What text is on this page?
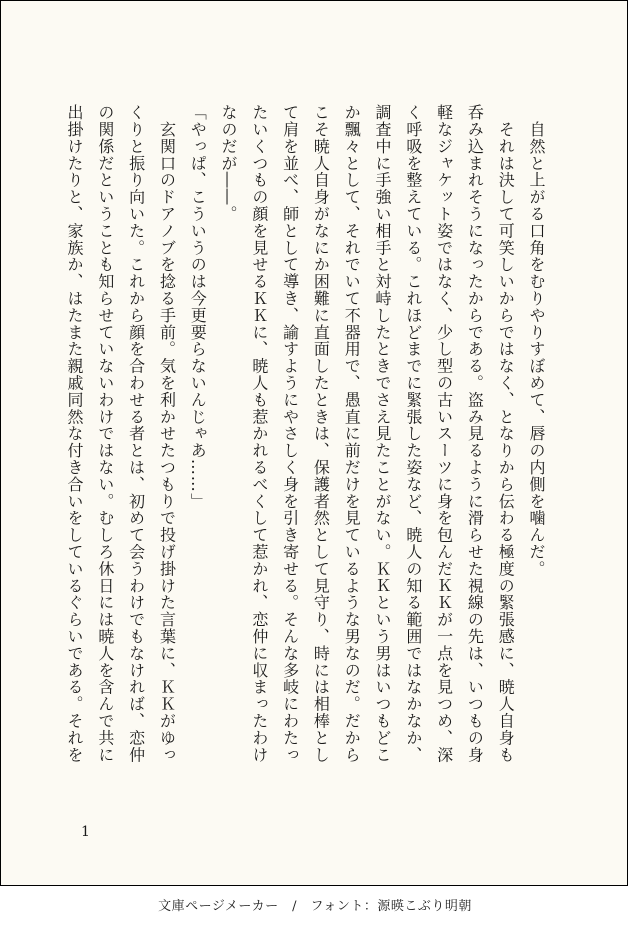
　自然と上がる口角をむりやりすぼめて、唇の内側を噛んだ。
　それは決して可笑しいからではなく、となりから伝わる極度の緊張感に、暁人自身も
呑み込まれそうになったからである。盗み見るように滑らせた視線の先は、いつもの身
軽なジャケット姿ではなく、少し型の古いスーツに身を包んだＫＫが一点を見つめ、深
く呼吸を整えている。これほどまでに緊張した姿など、暁人の知る範囲ではなかなか、
調査中に手強い相手と対峙したときでさえ見たことがない。ＫＫという男はいつもどこ
か飄々として、それでいて不器用で、愚直に前だけを見ているような男なのだ。だから
こそ暁人自身がなにか困難に直面したときは、保護者然として見守り、時には相棒とし
て肩を並べ、師として導き、諭すようにやさしく身を引き寄せる。そんな多岐にわたっ
たいくつもの顔を見せるＫＫに、暁人も惹かれるべくして惹かれ、恋仲に収まったわけ
なのだが――。
「やっぱ、こういうのは今更要らないんじゃあ……」
　玄関口のドアノブを捻る手前。気を利かせたつもりで投げ掛けた言葉に、ＫＫがゆっ
くりと振り向いた。これから顔を合わせる者とは、初めて会うわけでもなければ、恋仲
の関係だということも知らせていないわけではない。むしろ休日には暁人を含んで共に
出掛けたりと、家族か、はたまた親戚同然な付き合いをしているぐらいである。それを
1
文庫ページメーカー　/　フォント：源暎こぶり明朝
